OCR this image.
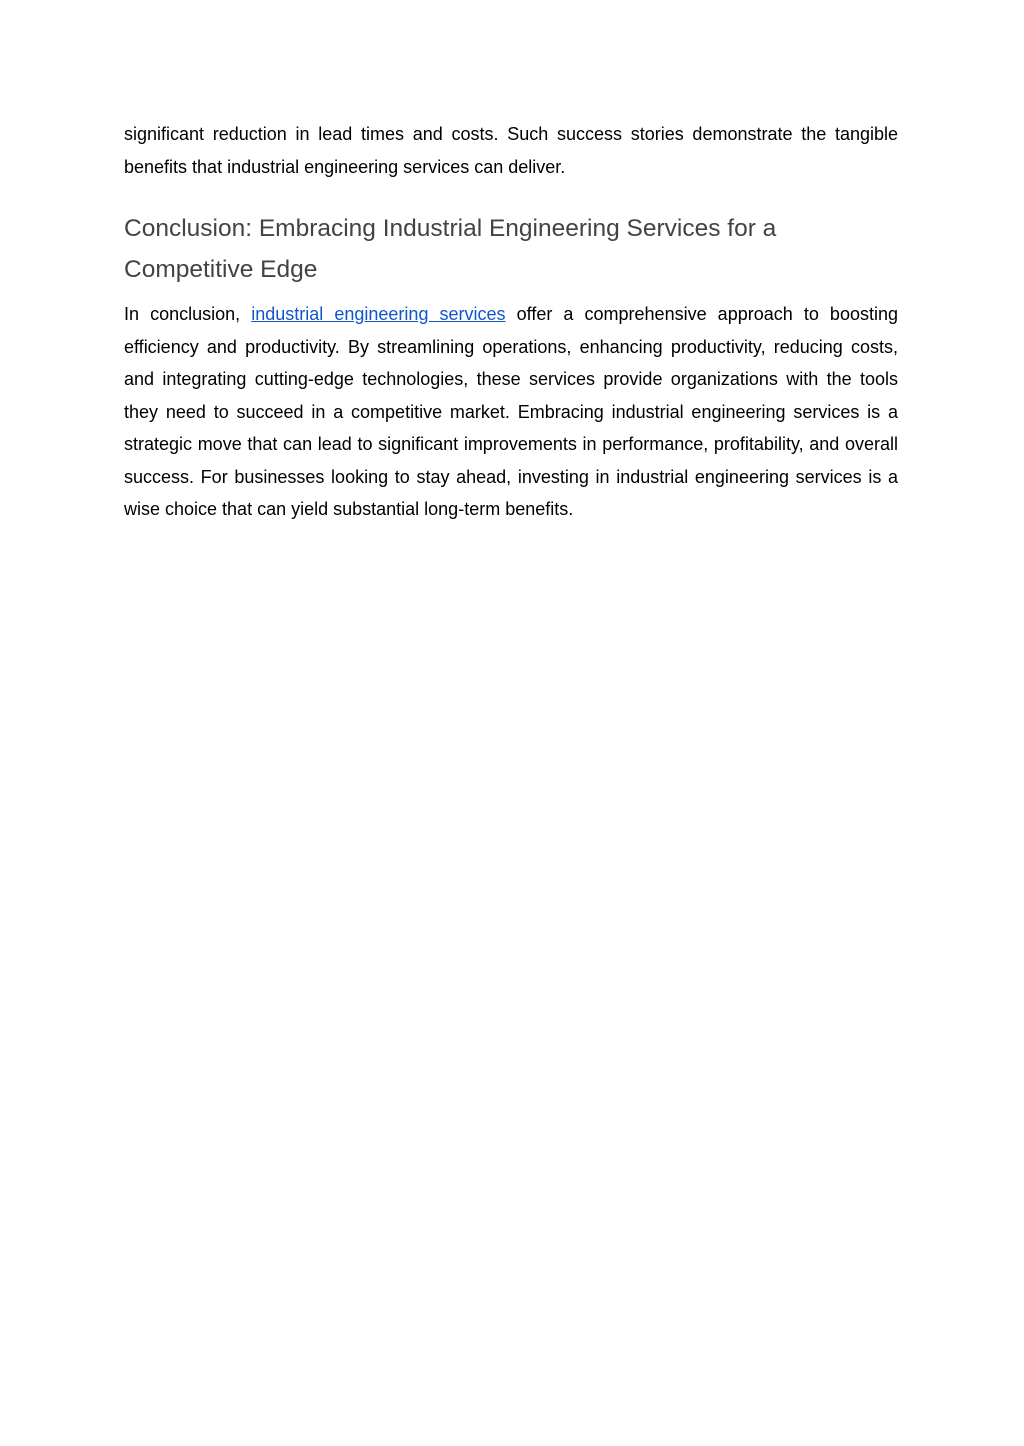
significant reduction in lead times and costs. Such success stories demonstrate the tangible benefits that industrial engineering services can deliver.

Conclusion: Embracing Industrial Engineering Services for a Competitive Edge

In conclusion, industrial engineering services offer a comprehensive approach to boosting efficiency and productivity. By streamlining operations, enhancing productivity, reducing costs, and integrating cutting-edge technologies, these services provide organizations with the tools they need to succeed in a competitive market. Embracing industrial engineering services is a strategic move that can lead to significant improvements in performance, profitability, and overall success. For businesses looking to stay ahead, investing in industrial engineering services is a wise choice that can yield substantial long-term benefits.
